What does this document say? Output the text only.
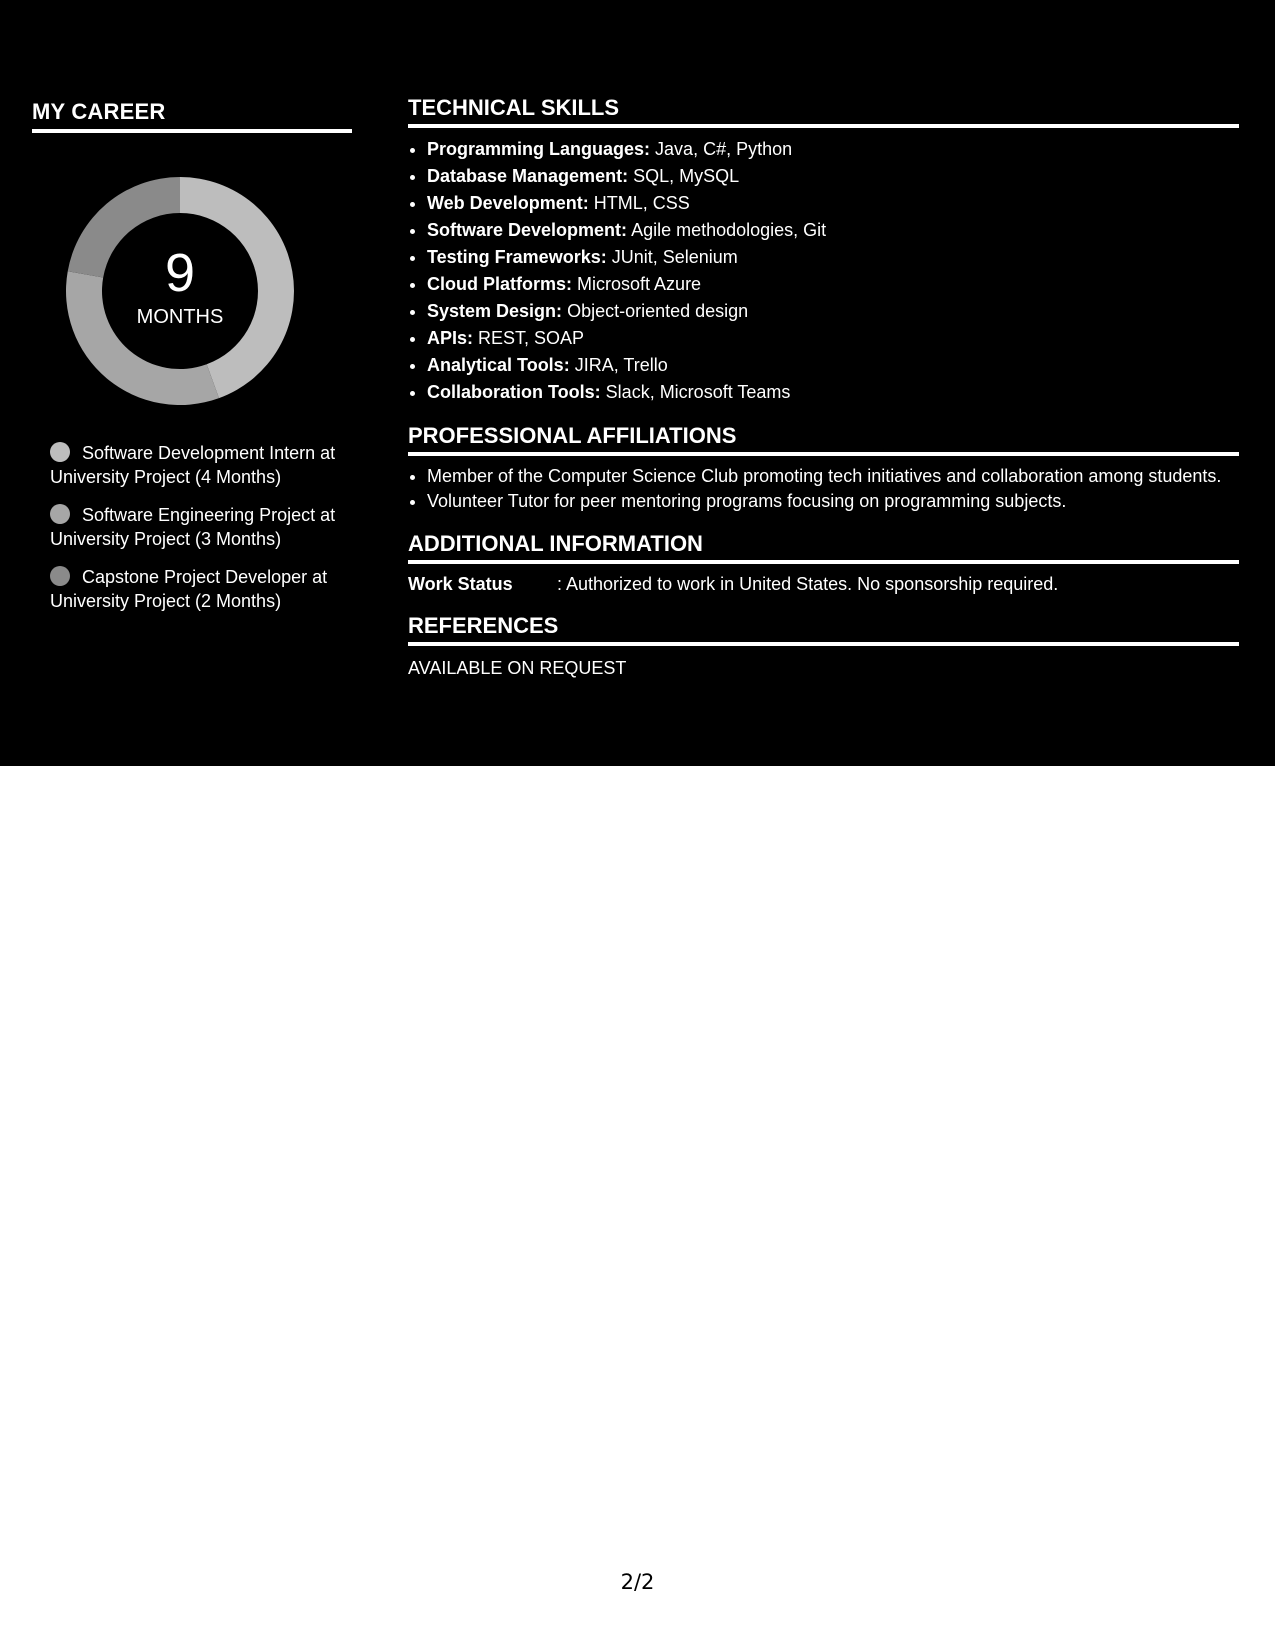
MY CAREER
9
MONTHS
Software Development Intern at University Project (4 Months)
Software Engineering Project at University Project (3 Months)
Capstone Project Developer at University Project (2 Months)
TECHNICAL SKILLS
• Programming Languages: Java, C#, Python
• Database Management: SQL, MySQL
• Web Development: HTML, CSS
• Software Development: Agile methodologies, Git
• Testing Frameworks: JUnit, Selenium
• Cloud Platforms: Microsoft Azure
• System Design: Object-oriented design
• APIs: REST, SOAP
• Analytical Tools: JIRA, Trello
• Collaboration Tools: Slack, Microsoft Teams
PROFESSIONAL AFFILIATIONS
• Member of the Computer Science Club promoting tech initiatives and collaboration among students.
• Volunteer Tutor for peer mentoring programs focusing on programming subjects.
ADDITIONAL INFORMATION
Work Status	: Authorized to work in United States. No sponsorship required.
REFERENCES
AVAILABLE ON REQUEST
2/2
